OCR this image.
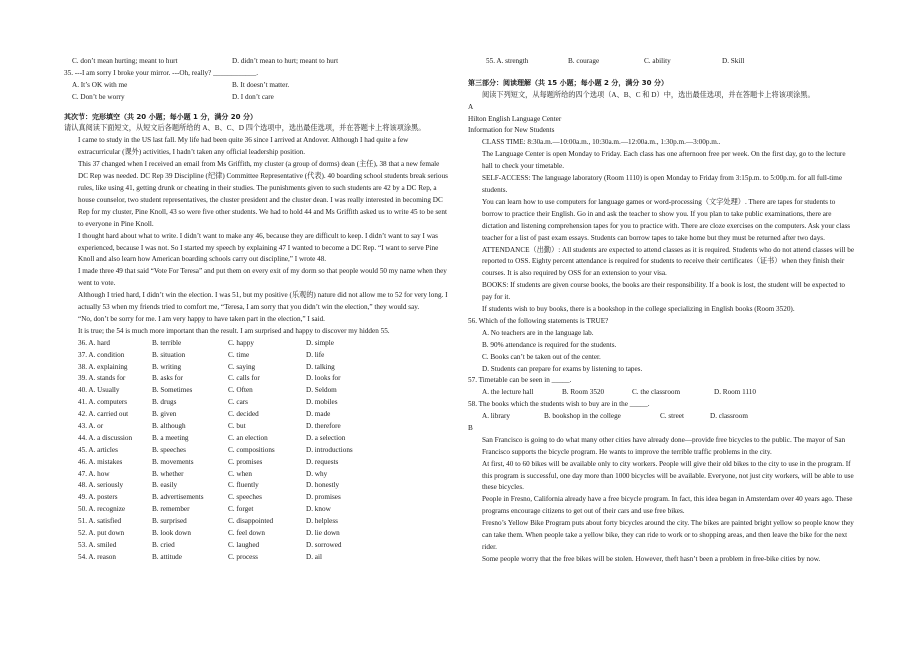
C. don’t mean hurting; meant to hurt	D. didn’t mean to hurt; meant to hurt
35. ---I am sorry I broke your mirror. ---Oh, really? ____________.
A. It’s OK with me	B. It doesn’t matter.
C. Don’t be worry	D. I don’t care
其次节：完形填空（共 20 小题；每小题 1 分，满分 20 分）
请认真阅读下面短文，从短文后各题所给的 A、B、C、D 四个选项中，选出最佳选项，并在答题卡上将该项涂黑。
I came to study in the US last fall. My life had been quite 36 since I arrived at Andover. Although I had quite a few extracurricular (课外) activities, I hadn’t taken any official leadership position.
This 37 changed when I received an email from Ms Griffith, my cluster (a group of dorms) dean (主任), 38 that a new female DC Rep was needed. DC Rep 39 Discipline (纪律) Committee Representative (代表). 40 boarding school students break serious rules, like using 41, getting drunk or cheating in their studies. The punishments given to such students are 42 by a DC Rep, a house counselor, two student representatives, the cluster president and the cluster dean. I was really interested in becoming DC Rep for my cluster, Pine Knoll, 43 so were five other students. We had to hold 44 and Ms Griffith asked us to write 45 to be sent to everyone in Pine Knoll.
I thought hard about what to write. I didn’t want to make any 46, because they are difficult to keep. I didn’t want to say I was experienced, because I was not. So I started my speech by explaining 47 I wanted to become a DC Rep. “I want to serve Pine Knoll and also learn how American boarding schools carry out discipline,” I wrote 48.
I made three 49 that said “Vote For Teresa” and put them on every exit of my dorm so that people would 50 my name when they went to vote.
Although I tried hard, I didn’t win the election. I was 51, but my positive (乐观的) nature did not allow me to 52 for very long. I actually 53 when my friends tried to comfort me, “Teresa, I am sorry that you didn’t win the election,” they would say.
“No, don’t be sorry for me. I am very happy to have taken part in the election,” I said.
It is true; the 54 is much more important than the result. I am surprised and happy to discover my hidden 55.
36. A. hard	B. terrible	C. happy	D. simple
37. A. condition	B. situation	C. time	D. life
38. A. explaining	B. writing	C. saying	D. talking
39. A. stands for	B. asks for	C. calls for	D. looks for
40. A. Usually	B. Sometimes	C. Often	D. Seldom
41. A. computers	B. drugs	C. cars	D. mobiles
42. A. carried out	B. given	C. decided	D. made
43. A. or	B. although	C. but	D. therefore
44. A. a discussion	B. a meeting	C. an election	D. a selection
45. A. articles	B. speeches	C. compositions	D. introductions
46. A. mistakes	B. movements	C. promises	D. requests
47. A. how	B. whether	C. when	D. why
48. A. seriously	B. easily	C. fluently	D. honestly
49. A. posters	B. advertisements	C. speeches	D. promises
50. A. recognize	B. remember	C. forget	D. know
51. A. satisfied	B. surprised	C. disappointed	D. helpless
52. A. put down	B. look down	C. feel down	D. lie down
53. A. smiled	B. cried	C. laughed	D. sorrowed
54. A. reason	B. attitude	C. process	D. ail
55. A. strength	B. courage	C. ability	D. Skill
第三部分：阅读理解（共 15 小题；每小题 2 分，满分 30 分）
阅读下列短文，从每题所给的四个选项（A、B、C 和 D）中，选出最佳选项，并在答题卡上将该项涂黑。
A
Hilton English Language Center
Information for New Students
CLASS TIME: 8:30a.m.—10:00a.m., 10:30a.m.—12:00a.m., 1:30p.m.—3:00p.m..
The Language Center is open Monday to Friday. Each class has one afternoon free per week. On the first day, go to the lecture hall to check your timetable.
SELF-ACCESS: The language laboratory (Room 1110) is open Monday to Friday from 3:15p.m. to 5:00p.m. for all full-time students.
You can learn how to use computers for language games or word-processing（文字处理）. There are tapes for students to borrow to practice their English. Go in and ask the teacher to show you. If you plan to take public examinations, there are dictation and listening comprehension tapes for you to practice with. There are cloze exercises on the computers. Ask your class teacher for a list of past exam essays. Students can borrow tapes to take home but they must be returned after two days.
ATTENDANCE（出勤）: All students are expected to attend classes as it is required. Students who do not attend classes will be reported to OSS. Eighty percent attendance is required for students to receive their certificates（证书）when they finish their courses. It is also required by OSS for an extension to your visa.
BOOKS: If students are given course books, the books are their responsibility. If a book is lost, the student will be expected to pay for it.
If students wish to buy books, there is a bookshop in the college specializing in English books (Room 3520).
56. Which of the following statements is TRUE?
A. No teachers are in the language lab.
B. 90% attendance is required for the students.
C. Books can’t be taken out of the center.
D. Students can prepare for exams by listening to tapes.
57. Timetable can be seen in _____.
A. the lecture hall	B. Room 3520	C. the classroom	D. Room 1110
58. The books which the students wish to buy are in the _____.
A. library	B. bookshop in the college	C. street	D. classroom
B
San Francisco is going to do what many other cities have already done—provide free bicycles to the public. The mayor of San Francisco supports the bicycle program. He wants to improve the terrible traffic problems in the city.
At first, 40 to 60 bikes will be available only to city workers. People will give their old bikes to the city to use in the program. If this program is successful, one day more than 1000 bicycles will be available. Everyone, not just city workers, will be able to use these bicycles.
People in Fresno, California already have a free bicycle program. In fact, this idea began in Amsterdam over 40 years ago. These programs encourage citizens to get out of their cars and use free bikes.
Fresno’s Yellow Bike Program puts about forty bicycles around the city. The bikes are painted bright yellow so people know they can take them. When people take a yellow bike, they can ride to work or to shopping areas, and then leave the bike for the next rider.
Some people worry that the free bikes will be stolen. However, theft hasn’t been a problem in free-bike cities by now.
